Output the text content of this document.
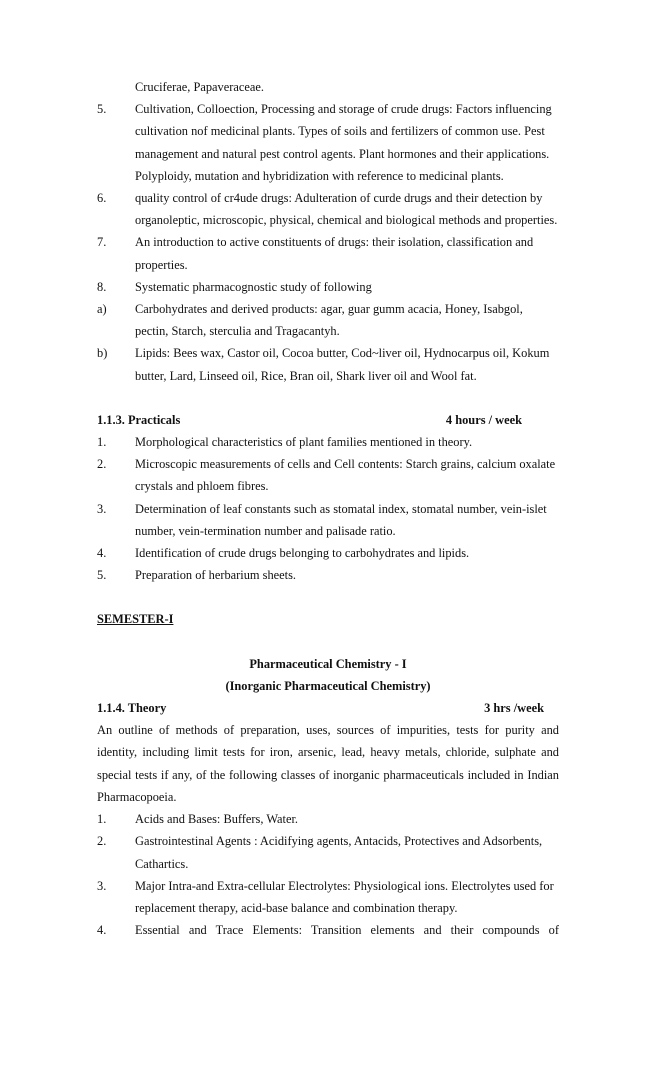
Cruciferae, Papaveraceae.
5.	Cultivation, Colloection, Processing and storage of crude drugs: Factors influencing cultivation nof medicinal plants. Types of soils and fertilizers of common use. Pest management and natural pest control agents. Plant hormones and their applications. Polyploidy, mutation and hybridization with reference to medicinal plants.
6.	quality control of cr4ude drugs: Adulteration of curde drugs and their detection by organoleptic, microscopic, physical, chemical and biological methods and properties.
7.	An introduction to active constituents of drugs: their isolation, classification and properties.
8.	Systematic pharmacognostic study of following
a)	Carbohydrates and derived products: agar, guar gumm acacia, Honey, Isabgol, pectin, Starch, sterculia and Tragacantyh.
b)	Lipids: Bees wax, Castor oil, Cocoa butter, Cod~liver oil, Hydnocarpus oil, Kokum butter, Lard, Linseed oil, Rice, Bran oil, Shark liver oil and Wool fat.
1.1.3. Practicals	4 hours / week
1.	Morphological characteristics of plant families mentioned in theory.
2.	Microscopic measurements of cells and Cell contents: Starch grains, calcium oxalate crystals and phloem fibres.
3.	Determination of leaf constants such as stomatal index, stomatal number, vein-islet number, vein-termination number and palisade ratio.
4.	Identification of crude drugs belonging to carbohydrates and lipids.
5.	Preparation of herbarium sheets.
SEMESTER-I
Pharmaceutical Chemistry - I
(Inorganic Pharmaceutical Chemistry)
1.1.4. Theory	3 hrs /week
An outline of methods of preparation, uses, sources of impurities, tests for purity and identity, including limit tests for iron, arsenic, lead, heavy metals, chloride, sulphate and special tests if any, of the following classes of inorganic pharmaceuticals included in Indian Pharmacopoeia.
1.	Acids and Bases: Buffers, Water.
2.	Gastrointestinal Agents : Acidifying agents, Antacids, Protectives and Adsorbents, Cathartics.
3.	Major Intra-and Extra-cellular Electrolytes: Physiological ions. Electrolytes used for replacement therapy, acid-base balance and combination therapy.
4.	Essential and Trace Elements: Transition elements and their compounds of
